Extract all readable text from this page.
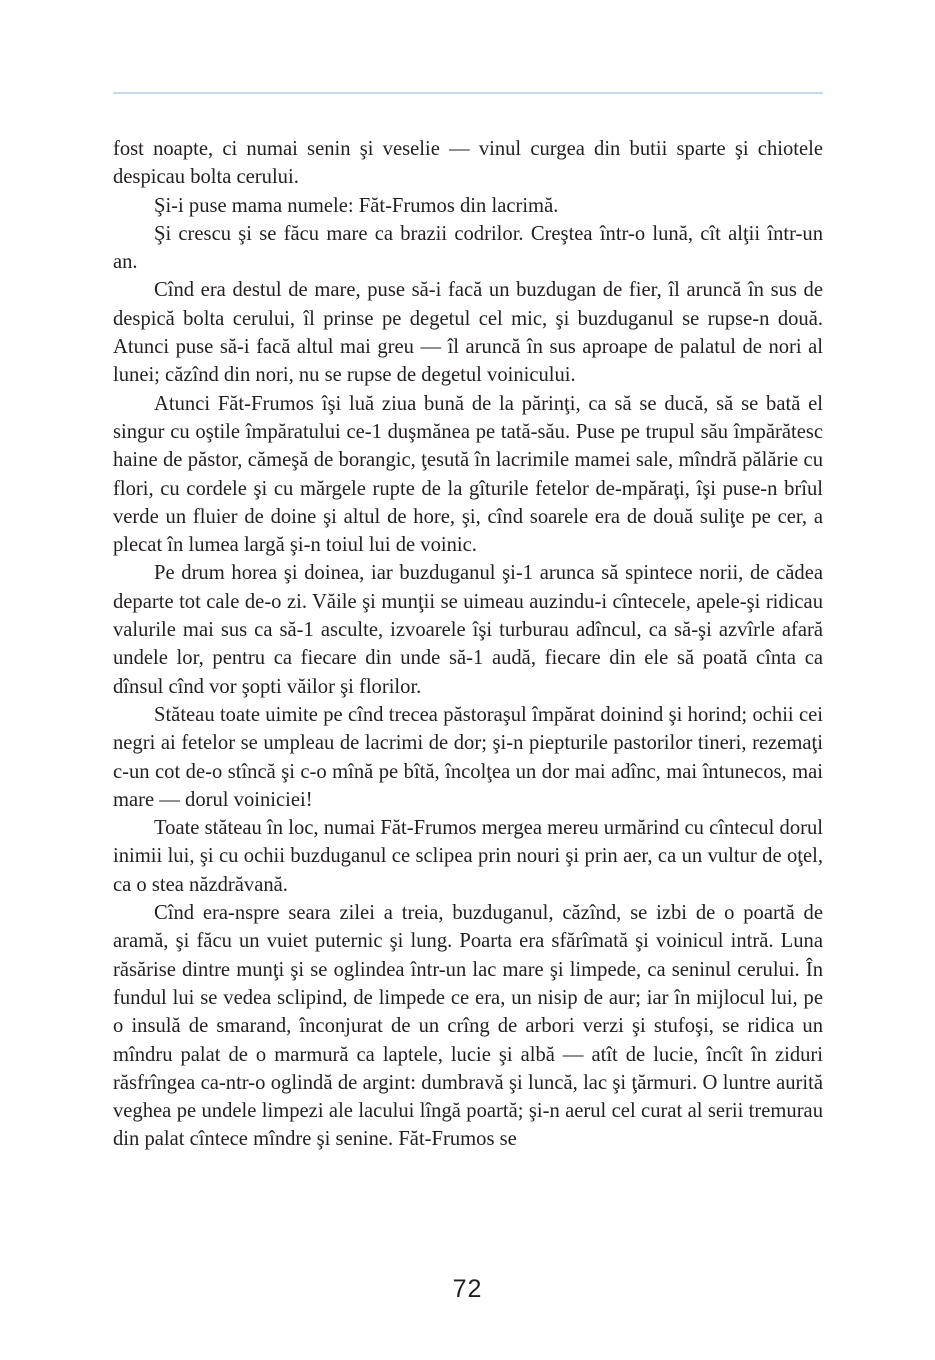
fost noapte, ci numai senin şi veselie — vinul curgea din butii sparte şi chiotele despicau bolta cerului.

Şi-i puse mama numele: Făt-Frumos din lacrimă.

Şi crescu şi se făcu mare ca brazii codrilor. Creştea într-o lună, cît alţii într-un an.

Cînd era destul de mare, puse să-i facă un buzdugan de fier, îl aruncă în sus de despică bolta cerului, îl prinse pe degetul cel mic, şi buzduganul se rupse-n două. Atunci puse să-i facă altul mai greu — îl aruncă în sus aproape de palatul de nori al lunei; căzînd din nori, nu se rupse de degetul voinicului.

Atunci Făt-Frumos îşi luă ziua bună de la părinţi, ca să se ducă, să se bată el singur cu oştile împăratului ce-1 duşmănea pe tată-său. Puse pe trupul său împărătesc haine de păstor, cămeşă de borangic, ţesută în lacrimile mamei sale, mîndră pălărie cu flori, cu cordele şi cu mărgele rupte de la gîturile fetelor de-mpăraţi, îşi puse-n brîul verde un fluier de doine şi altul de hore, şi, cînd soarele era de două suliţe pe cer, a plecat în lumea largă şi-n toiul lui de voinic.

Pe drum horea şi doinea, iar buzduganul şi-1 arunca să spintece norii, de cădea departe tot cale de-o zi. Văile şi munţii se uimeau auzindu-i cîntecele, apele-şi ridicau valurile mai sus ca să-1 asculte, izvoarele îşi turburau adîncul, ca să-şi azvîrle afară undele lor, pentru ca fiecare din unde să-1 audă, fiecare din ele să poată cînta ca dînsul cînd vor şopti văilor şi florilor.

Stăteau toate uimite pe cînd trecea păstoraşul împărat doinind şi horind; ochii cei negri ai fetelor se umpleau de lacrimi de dor; şi-n piepturile pastorilor tineri, rezemaţi c-un cot de-o stîncă şi c-o mînă pe bîtă, încolţea un dor mai adînc, mai întunecos, mai mare — dorul voiniciei!

Toate stăteau în loc, numai Făt-Frumos mergea mereu urmărind cu cîntecul dorul inimii lui, şi cu ochii buzduganul ce sclipea prin nouri şi prin aer, ca un vultur de oţel, ca o stea năzdrăvană.

Cînd era-nspre seara zilei a treia, buzduganul, căzînd, se izbi de o poartă de aramă, şi făcu un vuiet puternic şi lung. Poarta era sfărîmată şi voinicul intră. Luna răsărise dintre munţi şi se oglindea într-un lac mare şi limpede, ca seninul cerului. În fundul lui se vedea sclipind, de limpede ce era, un nisip de aur; iar în mijlocul lui, pe o insulă de smarand, înconjurat de un crîng de arbori verzi şi stufoşi, se ridica un mîndru palat de o marmură ca laptele, lucie şi albă — atît de lucie, încît în ziduri răsfrîngea ca-ntr-o oglindă de argint: dumbravă şi luncă, lac şi ţărmuri. O luntre aurită veghea pe undele limpezi ale lacului lîngă poartă; şi-n aerul cel curat al serii tremurau din palat cîntece mîndre şi senine. Făt-Frumos se

72
